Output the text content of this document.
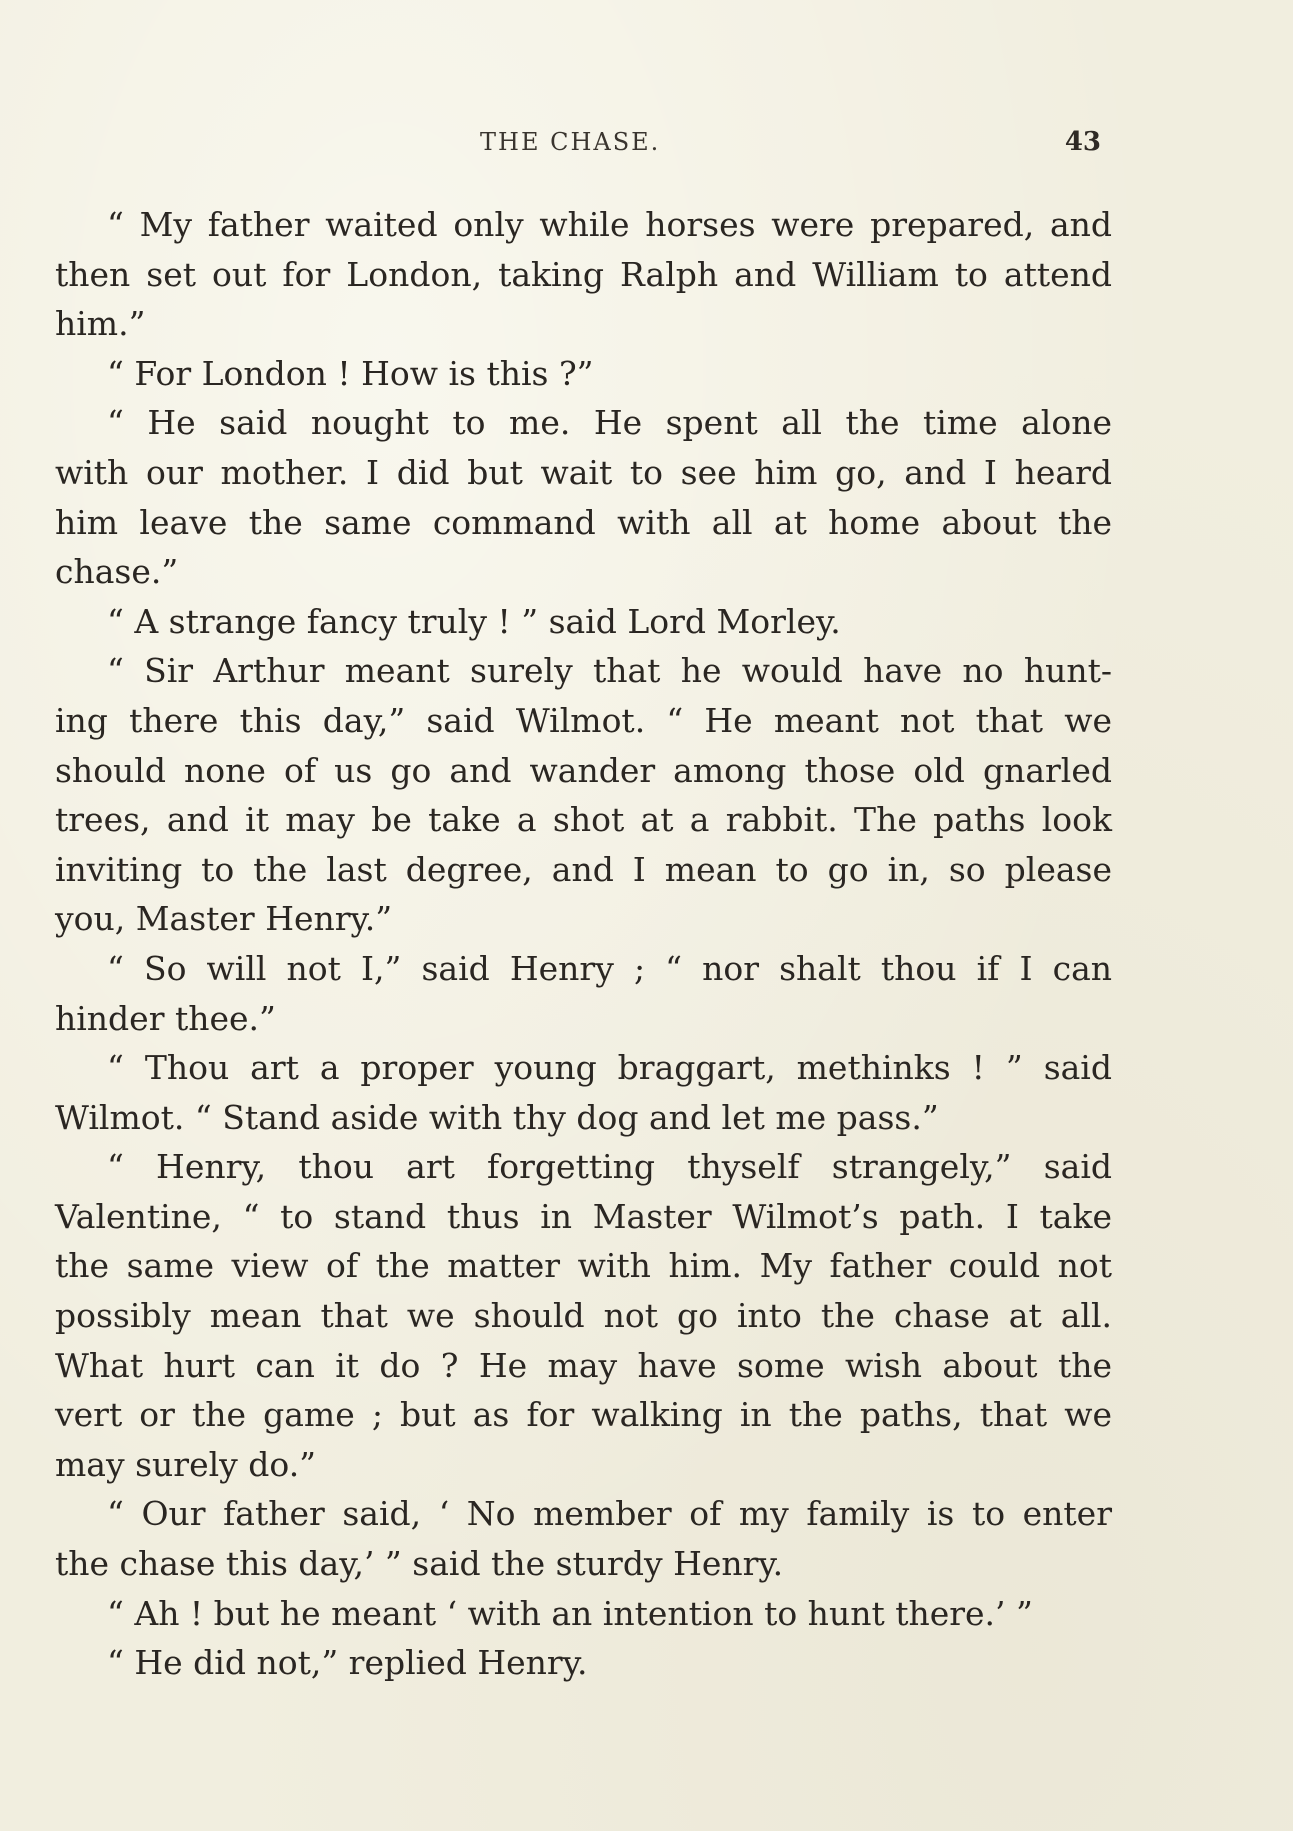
THE CHASE.	43
“ My father waited only while horses were prepared, and
then set out for London, taking Ralph and William to attend
him.”
“ For London ! How is this ?”
“ He said nought to me. He spent all the time alone
with our mother. I did but wait to see him go, and I heard
him leave the same command with all at home about the
chase.”
“ A strange fancy truly ! ” said Lord Morley.
“ Sir Arthur meant surely that he would have no hunt-
ing there this day,” said Wilmot. “ He meant not that we
should none of us go and wander among those old gnarled
trees, and it may be take a shot at a rabbit. The paths look
inviting to the last degree, and I mean to go in, so please
you, Master Henry.”
“ So will not I,” said Henry ; “ nor shalt thou if I can
hinder thee.”
“ Thou art a proper young braggart, methinks ! ” said
Wilmot. “ Stand aside with thy dog and let me pass.”
“ Henry, thou art forgetting thyself strangely,” said
Valentine, “ to stand thus in Master Wilmot’s path. I take
the same view of the matter with him. My father could not
possibly mean that we should not go into the chase at all.
What hurt can it do ? He may have some wish about the
vert or the game ; but as for walking in the paths, that we
may surely do.”
“ Our father said, ‘ No member of my family is to enter
the chase this day,’ ” said the sturdy Henry.
“ Ah ! but he meant ‘ with an intention to hunt there.’ ”
“ He did not,” replied Henry.
